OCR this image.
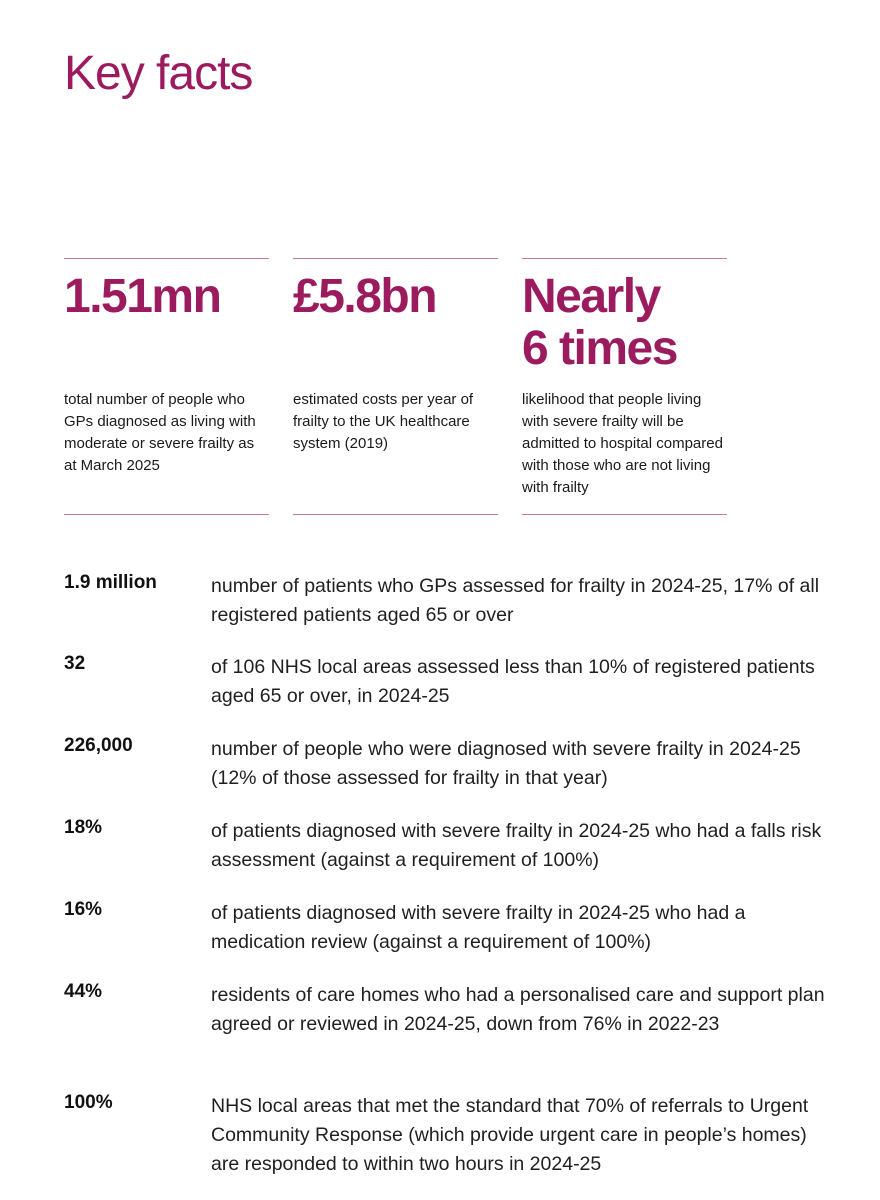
Key facts
1.51mn
total number of people who GPs diagnosed as living with moderate or severe frailty as at March 2025
£5.8bn
estimated costs per year of frailty to the UK healthcare system (2019)
Nearly
6 times
likelihood that people living with severe frailty will be admitted to hospital compared with those who are not living with frailty
1.9 million	number of patients who GPs assessed for frailty in 2024-25, 17% of all registered patients aged 65 or over
32	of 106 NHS local areas assessed less than 10% of registered patients aged 65 or over, in 2024-25
226,000	number of people who were diagnosed with severe frailty in 2024-25 (12% of those assessed for frailty in that year)
18%	of patients diagnosed with severe frailty in 2024-25 who had a falls risk assessment (against a requirement of 100%)
16%	of patients diagnosed with severe frailty in 2024-25 who had a medication review (against a requirement of 100%)
44%	residents of care homes who had a personalised care and support plan agreed or reviewed in 2024-25, down from 76% in 2022-23
100%	NHS local areas that met the standard that 70% of referrals to Urgent Community Response (which provide urgent care in people’s homes) are responded to within two hours in 2024-25
